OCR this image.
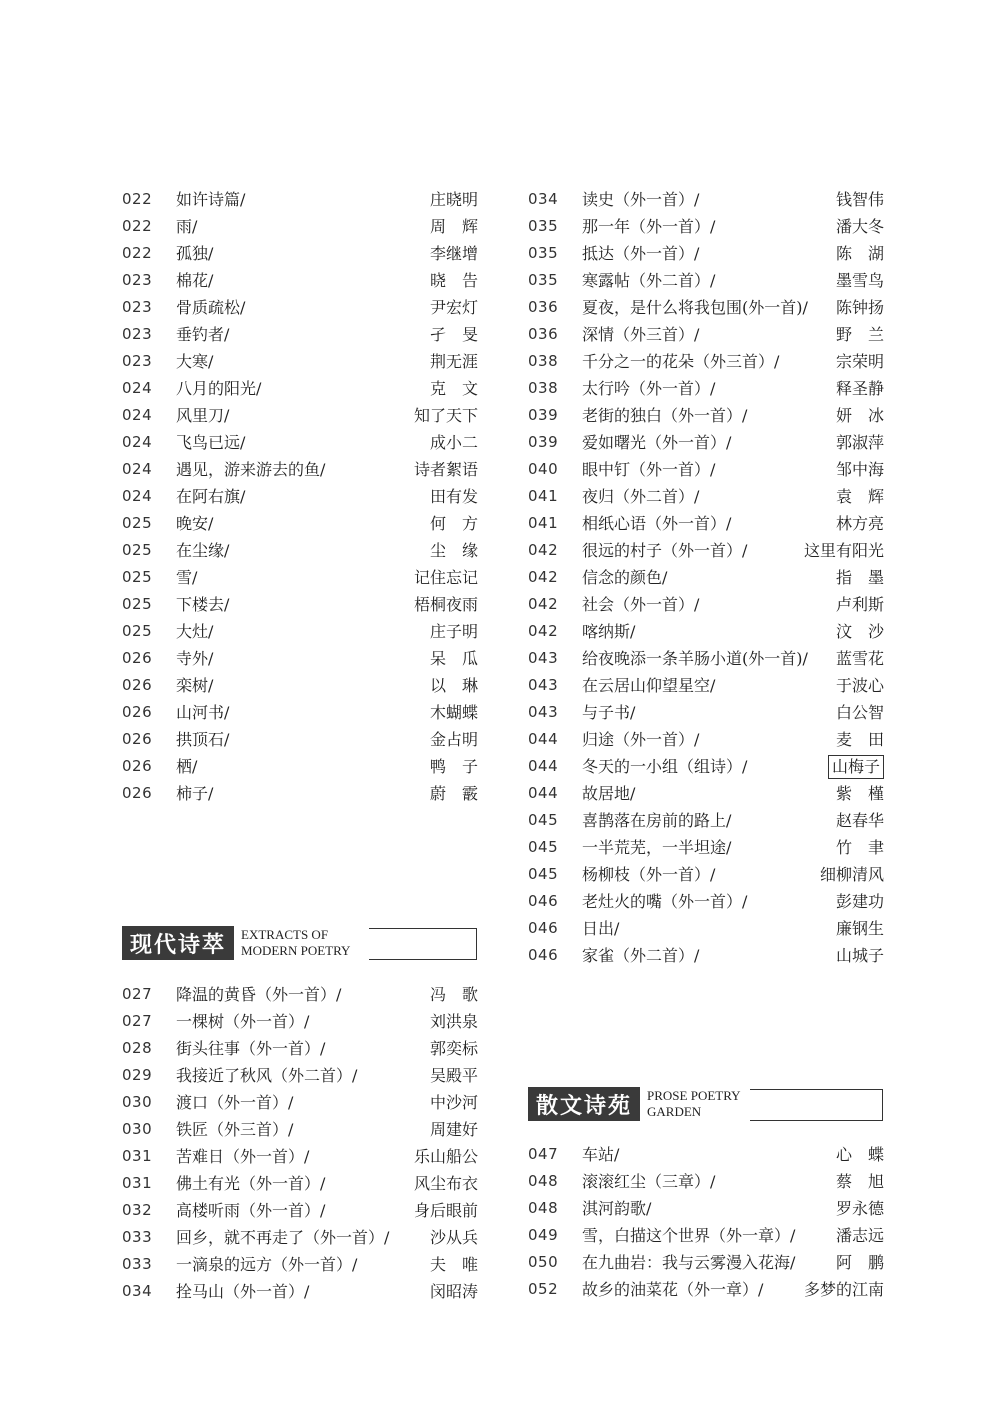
022	如许诗篇/	庄晓明
022	雨/	周　辉
022	孤独/	李继增
023	棉花/	晓　告
023	骨质疏松/	尹宏灯
023	垂钓者/	孑　旻
023	大寒/	荆无涯
024	八月的阳光/	克　文
024	风里刀/	知了天下
024	飞鸟已远/	成小二
024	遇见，游来游去的鱼/	诗者絮语
024	在阿右旗/	田有发
025	晚安/	何　方
025	在尘缘/	尘　缘
025	雪/	记住忘记
025	下楼去/	梧桐夜雨
025	大灶/	庄子明
026	寺外/	呆　瓜
026	栾树/	以　琳
026	山河书/	木蝴蝶
026	拱顶石/	金占明
026	栖/	鸭　子
026	柿子/	蔚　霰
现代诗萃	EXTRACTS OF
MODERN POETRY
027	降温的黄昏（外一首）/	冯　歌
027	一棵树（外一首）/	刘洪泉
028	街头往事（外一首）/	郭奕标
029	我接近了秋风（外二首）/	吴殿平
030	渡口（外一首）/	中沙河
030	铁匠（外三首）/	周建好
031	苦难日（外一首）/	乐山船公
031	佛土有光（外一首）/	风尘布衣
032	高楼听雨（外一首）/	身后眼前
033	回乡，就不再走了（外一首）/	沙从兵
033	一滴泉的远方（外一首）/	夫　唯
034	拴马山（外一首）/	闵昭涛
034	读史（外一首）/	钱智伟
035	那一年（外一首）/	潘大冬
035	抵达（外一首）/	陈　湖
035	寒露帖（外二首）/	墨雪鸟
036	夏夜，是什么将我包围(外一首)/	陈钟扬
036	深情（外三首）/	野　兰
038	千分之一的花朵（外三首）/	宗荣明
038	太行吟（外一首）/	释圣静
039	老街的独白（外一首）/	妍　冰
039	爱如曙光（外一首）/	郭淑萍
040	眼中钉（外一首）/	邹中海
041	夜归（外二首）/	袁　辉
041	相纸心语（外一首）/	林方亮
042	很远的村子（外一首）/	这里有阳光
042	信念的颜色/	指　墨
042	社会（外一首）/	卢利斯
042	喀纳斯/	汶　沙
043	给夜晚添一条羊肠小道(外一首)/	蓝雪花
043	在云居山仰望星空/	于波心
043	与子书/	白公智
044	归途（外一首）/	麦　田
044	冬天的一小组（组诗）/	山梅子
044	故居地/	紫　槿
045	喜鹊落在房前的路上/	赵春华
045	一半荒芜，一半坦途/	竹　聿
045	杨柳枝（外一首）/	细柳清风
046	老灶火的嘴（外一首）/	彭建功
046	日出/	廉钢生
046	家雀（外二首）/	山城子
散文诗苑	PROSE POETRY
GARDEN
047	车站/	心　蝶
048	滚滚红尘（三章）/	蔡　旭
048	淇河韵歌/	罗永德
049	雪，白描这个世界（外一章）/	潘志远
050	在九曲岩：我与云雾漫入花海/	阿　鹏
052	故乡的油菜花（外一章）/	多梦的江南
